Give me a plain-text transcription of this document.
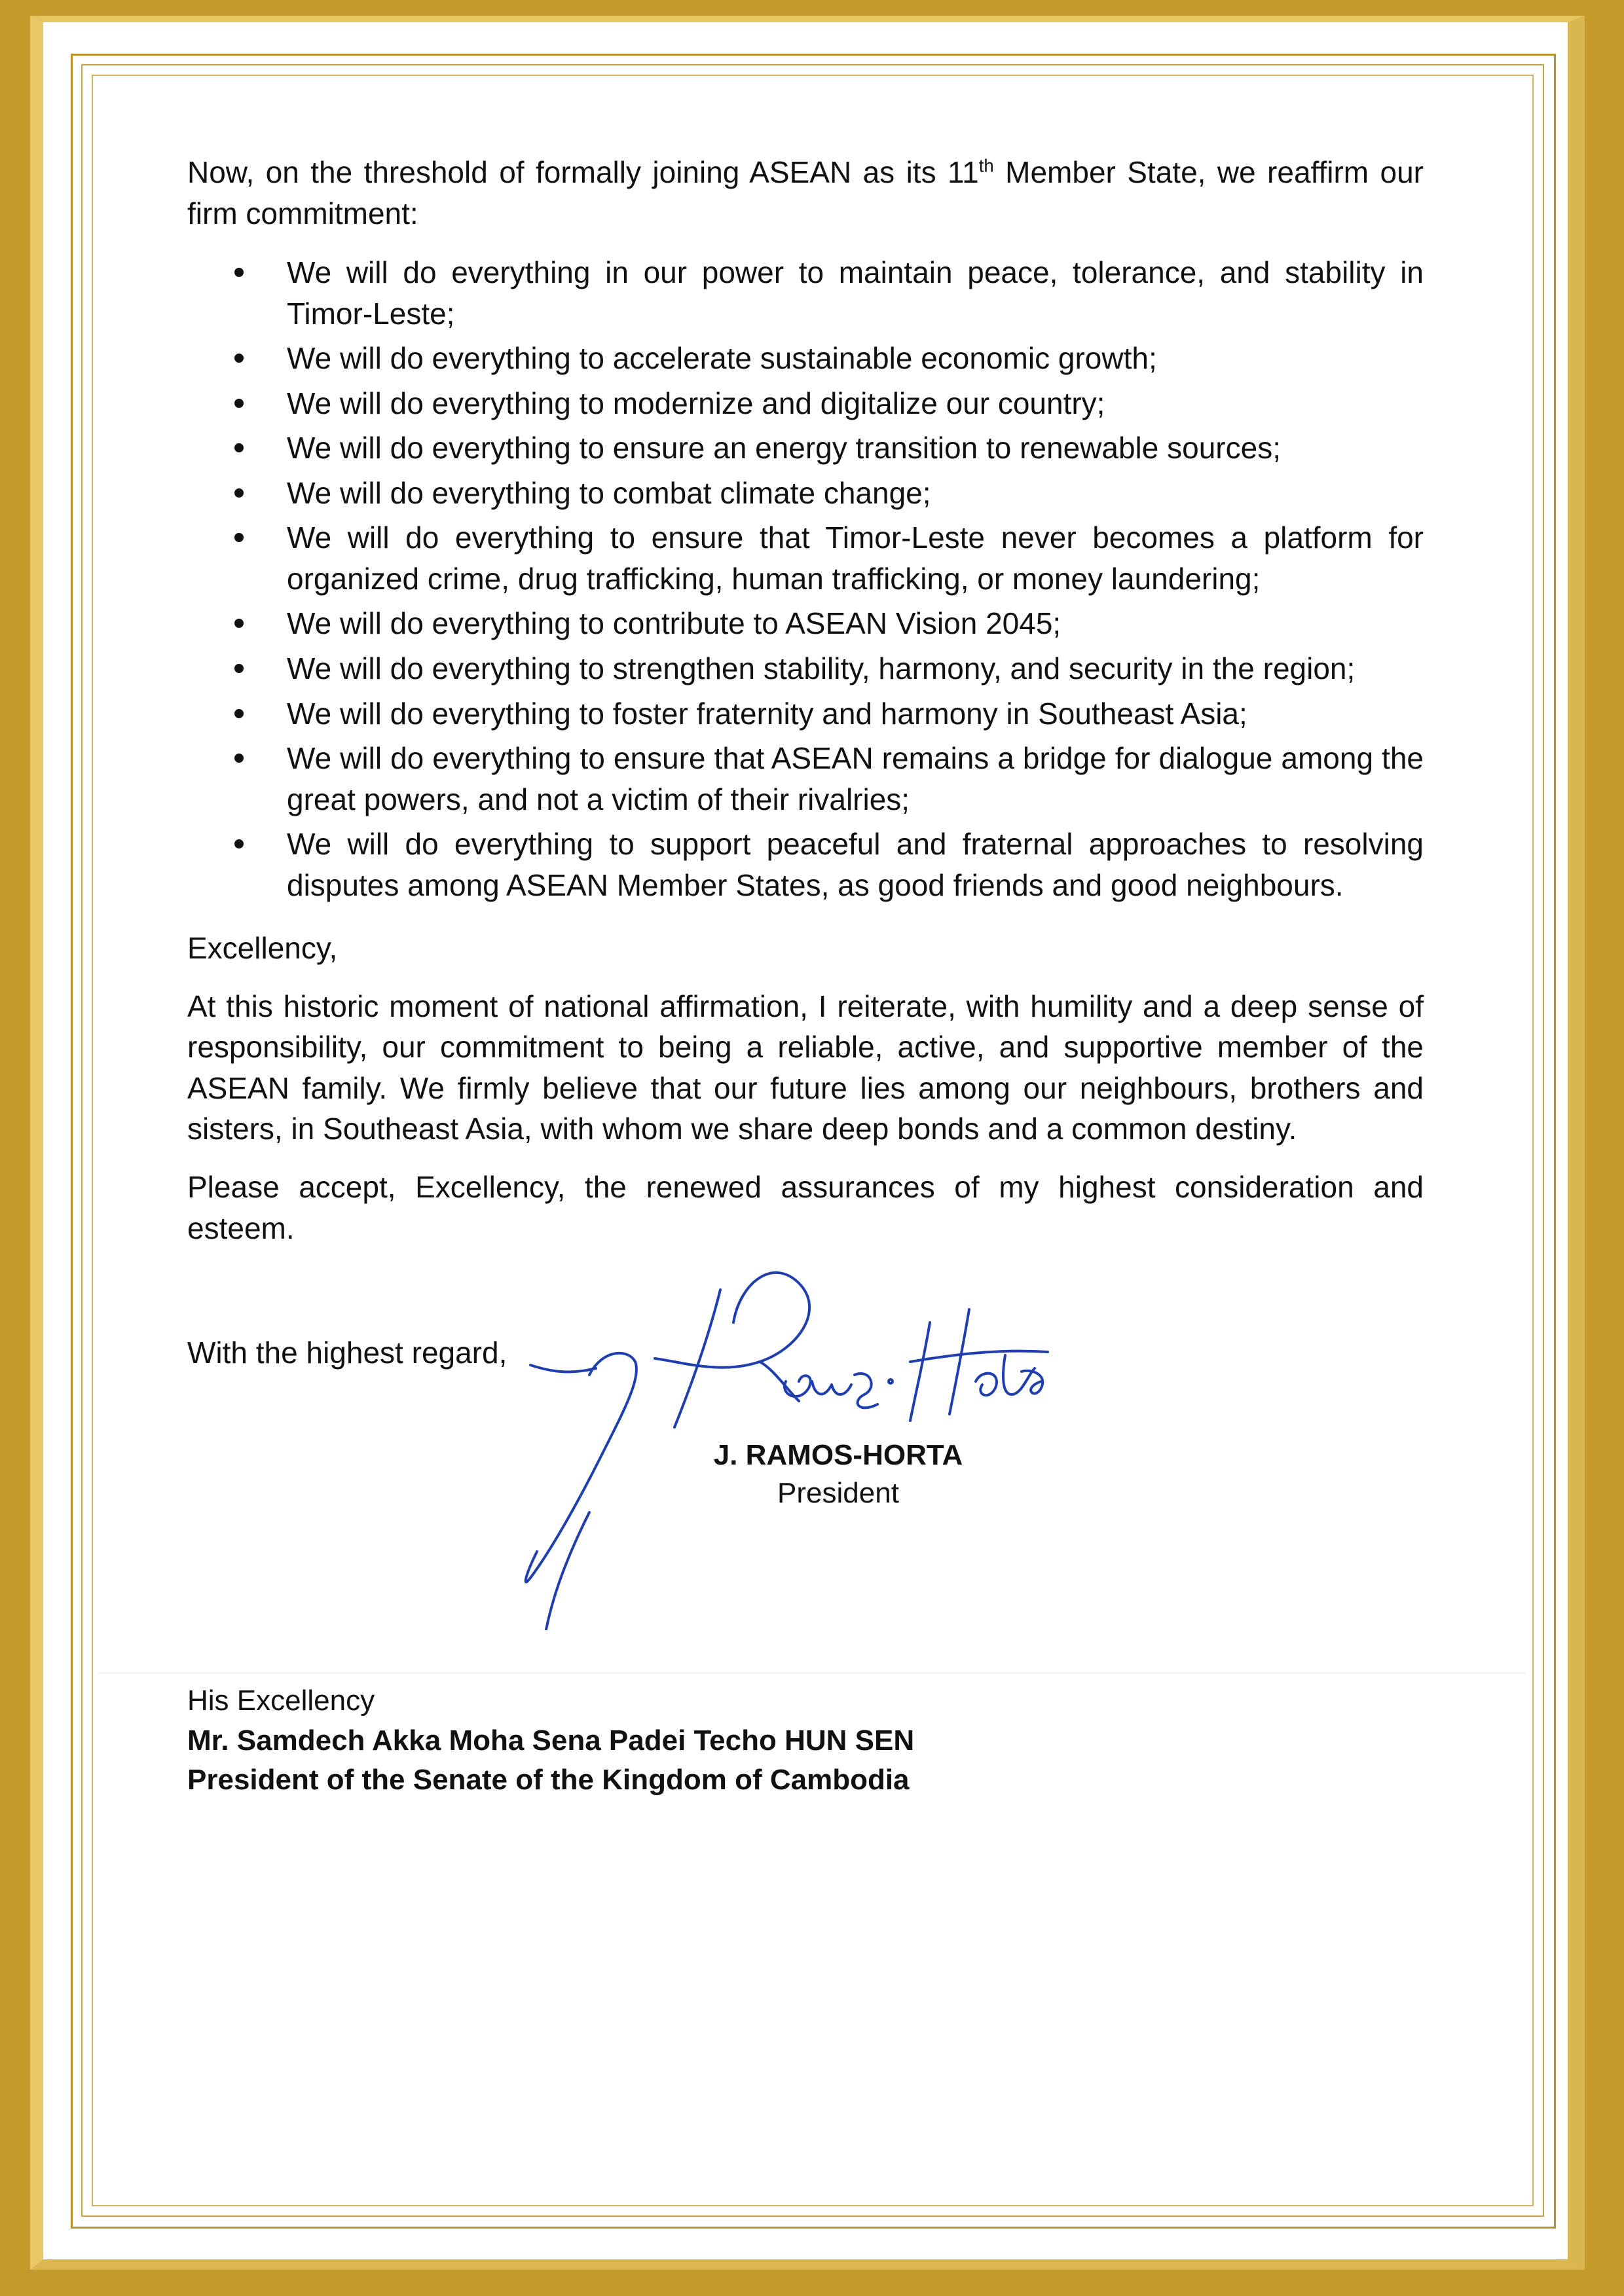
Now, on the threshold of formally joining ASEAN as its 11th Member State, we reaffirm our firm commitment:

We will do everything in our power to maintain peace, tolerance, and stability in Timor-Leste;
We will do everything to accelerate sustainable economic growth;
We will do everything to modernize and digitalize our country;
We will do everything to ensure an energy transition to renewable sources;
We will do everything to combat climate change;
We will do everything to ensure that Timor-Leste never becomes a platform for organized crime, drug trafficking, human trafficking, or money laundering;
We will do everything to contribute to ASEAN Vision 2045;
We will do everything to strengthen stability, harmony, and security in the region;
We will do everything to foster fraternity and harmony in Southeast Asia;
We will do everything to ensure that ASEAN remains a bridge for dialogue among the great powers, and not a victim of their rivalries;
We will do everything to support peaceful and fraternal approaches to resolving disputes among ASEAN Member States, as good friends and good neighbours.

Excellency,

At this historic moment of national affirmation, I reiterate, with humility and a deep sense of responsibility, our commitment to being a reliable, active, and supportive member of the ASEAN family. We firmly believe that our future lies among our neighbours, brothers and sisters, in Southeast Asia, with whom we share deep bonds and a common destiny.

Please accept, Excellency, the renewed assurances of my highest consideration and esteem.

With the highest regard,

J. RAMOS-HORTA
President
His Excellency
Mr. Samdech Akka Moha Sena Padei Techo HUN SEN
President of the Senate of the Kingdom of Cambodia
